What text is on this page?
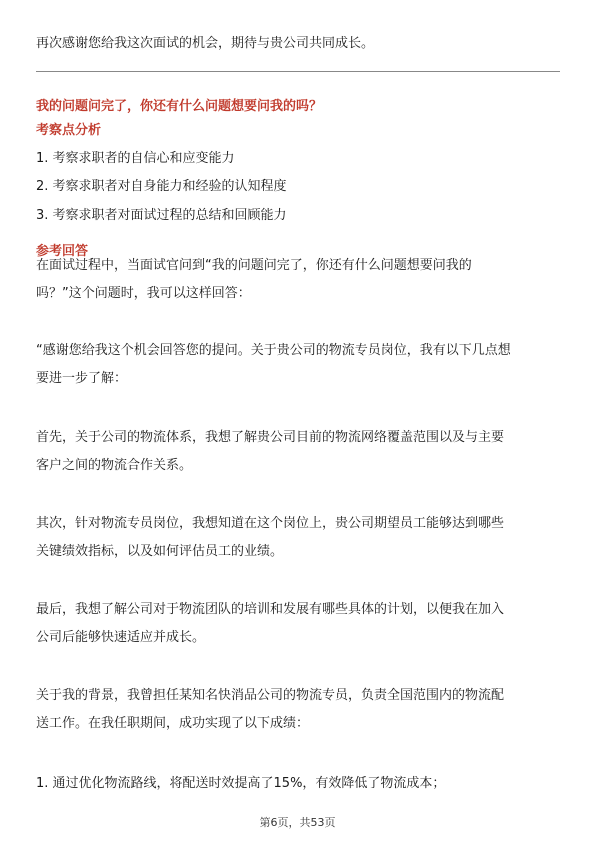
再次感谢您给我这次面试的机会，期待与贵公司共同成长。

我的问题问完了，你还有什么问题想要问我的吗？

考察点分析

1. 考察求职者的自信心和应变能力

2. 考察求职者对自身能力和经验的认知程度

3. 考察求职者对面试过程的总结和回顾能力

参考回答

在面试过程中，当面试官问到“我的问题问完了，你还有什么问题想要问我的

吗？”这个问题时，我可以这样回答：

“感谢您给我这个机会回答您的提问。关于贵公司的物流专员岗位，我有以下几点想

要进一步了解：

首先，关于公司的物流体系，我想了解贵公司目前的物流网络覆盖范围以及与主要

客户之间的物流合作关系。

其次，针对物流专员岗位，我想知道在这个岗位上，贵公司期望员工能够达到哪些

关键绩效指标，以及如何评估员工的业绩。

最后，我想了解公司对于物流团队的培训和发展有哪些具体的计划，以便我在加入

公司后能够快速适应并成长。

关于我的背景，我曾担任某知名快消品公司的物流专员，负责全国范围内的物流配

送工作。在我任职期间，成功实现了以下成绩：

1. 通过优化物流路线，将配送时效提高了15%，有效降低了物流成本；

第6页，共53页
